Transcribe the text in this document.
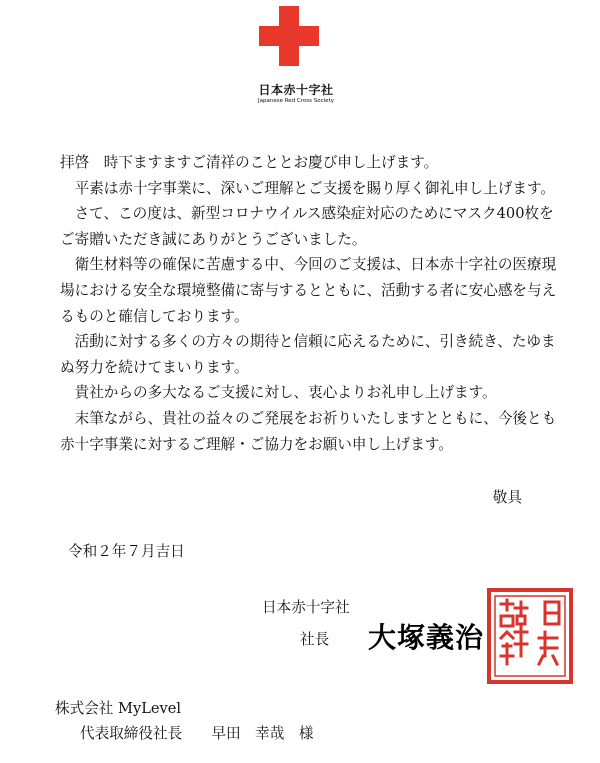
日本赤十字社
Japanese Red Cross Society

拝啓　時下ますますご清祥のこととお慶び申し上げます。

平素は赤十字事業に、深いご理解とご支援を賜り厚く御礼申し上げます。

さて、この度は、新型コロナウイルス感染症対応のためにマスク400枚をご寄贈いただき誠にありがとうございました。

衛生材料等の確保に苦慮する中、今回のご支援は、日本赤十字社の医療現場における安全な環境整備に寄与するとともに、活動する者に安心感を与えるものと確信しております。

活動に対する多くの方々の期待と信頼に応えるために、引き続き、たゆまぬ努力を続けてまいります。

貴社からの多大なるご支援に対し、衷心よりお礼申し上げます。

末筆ながら、貴社の益々のご発展をお祈りいたしますとともに、今後とも赤十字事業に対するご理解・ご協力をお願い申し上げます。

敬具
令和２年７月吉日
日本赤十字社
社長 大塚義治
株式会社 MyLevel
代表取締役社長　　早田　幸哉　様
